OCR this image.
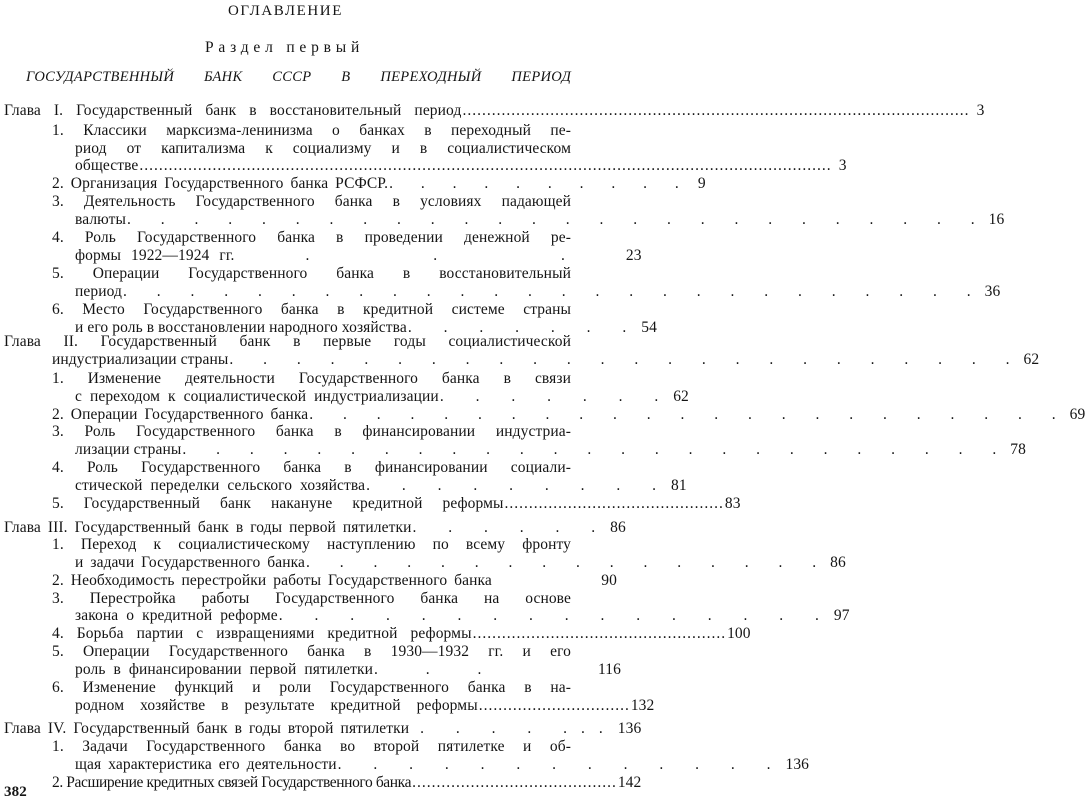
ОГЛАВЛЕНИЕ

Раздел первый

ГОСУДАРСТВЕННЫЙ БАНК СССР В ПЕРЕХОДНЫЙ ПЕРИОД

Глава I. Государственный банк в восстановительный период ........................................................................................................ 3
1. Классики марксизма-ленинизма о банках в переходный пе-
риод от капитализма к социализму и в социалистическом
обществе .............................................................................................................................................. 3
2. Организация Государственного банка РСФСР. . . . . . . . . . . 9
3. Деятельность Государственного банка в условиях падающей
валюты . . . . . . . . . . . . . . . . . . . . . . . . . . 16
4. Роль Государственного банка в проведении денежной ре-
формы 1922—1924 гг.	. . . 23
5. Операции Государственного банка в восстановительный
период . . . . . . . . . . . . . . . . . . . . . . . . . . 36
6. Место Государственного банка в кредитной системе страны
и его роль в восстановлении народного хозяйства . . . . . . . 54
Глава II. Государственный банк в первые годы социалистической
индустриализации страны . . . . . . . . . . . . . . . . . . . . . . . . 62
1. Изменение деятельности Государственного банка в связи
с переходом к социалистической индустриализации . . . . . . . 62
2. Операции Государственного банка . . . . . . . . . . . . . . . . . . . . . . . 69
3. Роль Государственного банка в финансировании индустриа-
лизации страны . . . . . . . . . . . . . . . . . . . . . . . . . 78
4. Роль Государственного банка в финансировании социали-
стической переделки сельского хозяйства . . . . . . . . . 81
5. Государственный банк накануне кредитной реформы ............................................. 83
Глава III. Государственный банк в годы первой пятилетки . . . . . . 86
1. Переход к социалистическому наступлению по всему фронту
и задачи Государственного банка . . . . . . . . . . . . . . . . 86
2. Необходимость перестройки работы Государственного банка	90
3. Перестройка работы Государственного банка на основе
закона о кредитной реформе . . . . . . . . . . . . . . . . 97
4. Борьба партии с извращениями кредитной реформы .................................................... 100
5. Операции Государственного банка в 1930—1932 гг. и его
роль в финансировании первой пятилетки . . .	116
6. Изменение функций и роли Государственного банка в на-
родном хозяйстве в результате кредитной реформы ............................... 132
Глава IV. Государственный банк в годы второй пятилетки . . . . ... 136
1. Задачи Государственного банка во второй пятилетке и об-
щая характеристика его деятельности . . . . . . . . . . . . . 136
2. Расширение кредитных связей Государственного банка .......................................... 142

382
